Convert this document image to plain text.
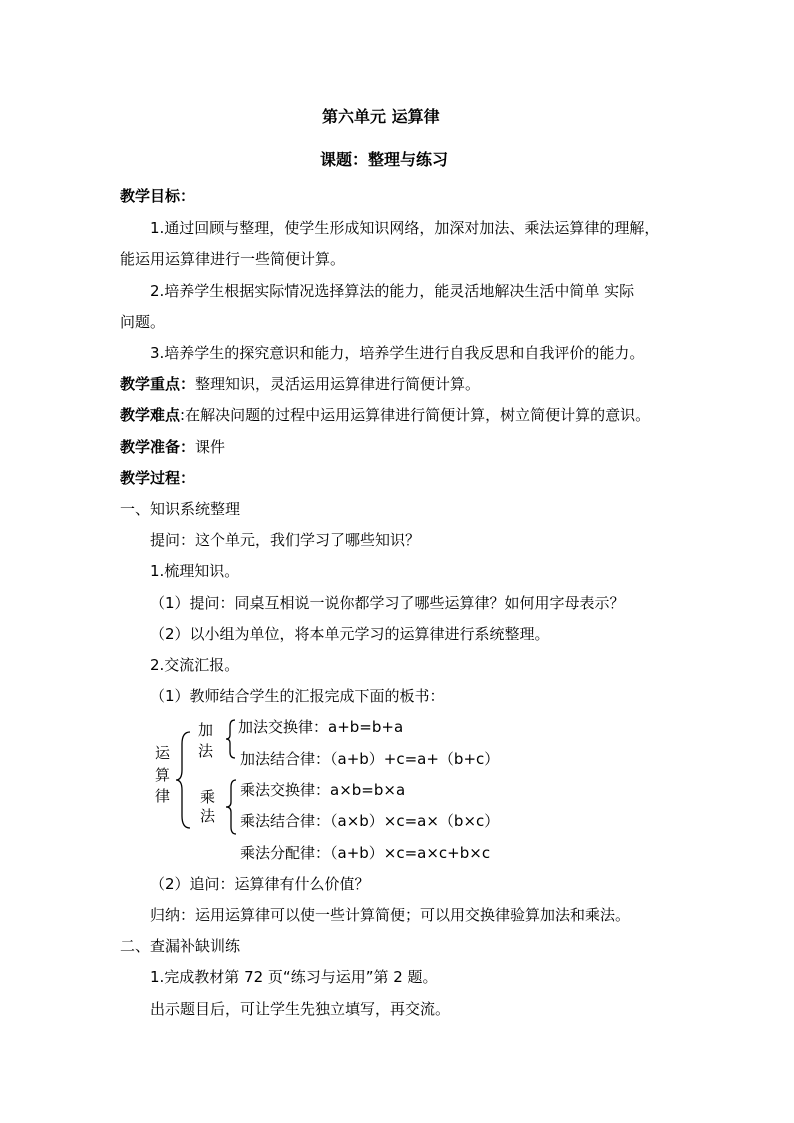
第六单元 运算律
课题：整理与练习
教学目标：
1.通过回顾与整理，使学生形成知识网络，加深对加法、乘法运算律的理解，
能运用运算律进行一些简便计算。
2.培养学生根据实际情况选择算法的能力，能灵活地解决生活中简单 实际
问题。
3.培养学生的探究意识和能力，培养学生进行自我反思和自我评价的能力。
教学重点：整理知识，灵活运用运算律进行简便计算。
教学难点:在解决问题的过程中运用运算律进行简便计算，树立简便计算的意识。
教学准备：课件
教学过程：
一、知识系统整理
提问：这个单元，我们学习了哪些知识？
1.梳理知识。
（1）提问：同桌互相说一说你都学习了哪些运算律？如何用字母表示？
（2）以小组为单位，将本单元学习的运算律进行系统整理。
2.交流汇报。
（1）教师结合学生的汇报完成下面的板书：
运
算
律
加
法
加法交换律：a+b=b+a
加法结合律：（a+b）+c=a+（b+c）
乘
法
乘法交换律：a×b=b×a
乘法结合律：（a×b）×c=a×（b×c）
乘法分配律：（a+b）×c=a×c+b×c
（2）追问：运算律有什么价值？
归纳：运用运算律可以使一些计算简便；可以用交换律验算加法和乘法。
二、查漏补缺训练
1.完成教材第 72 页“练习与运用”第 2 题。
出示题目后，可让学生先独立填写，再交流。
